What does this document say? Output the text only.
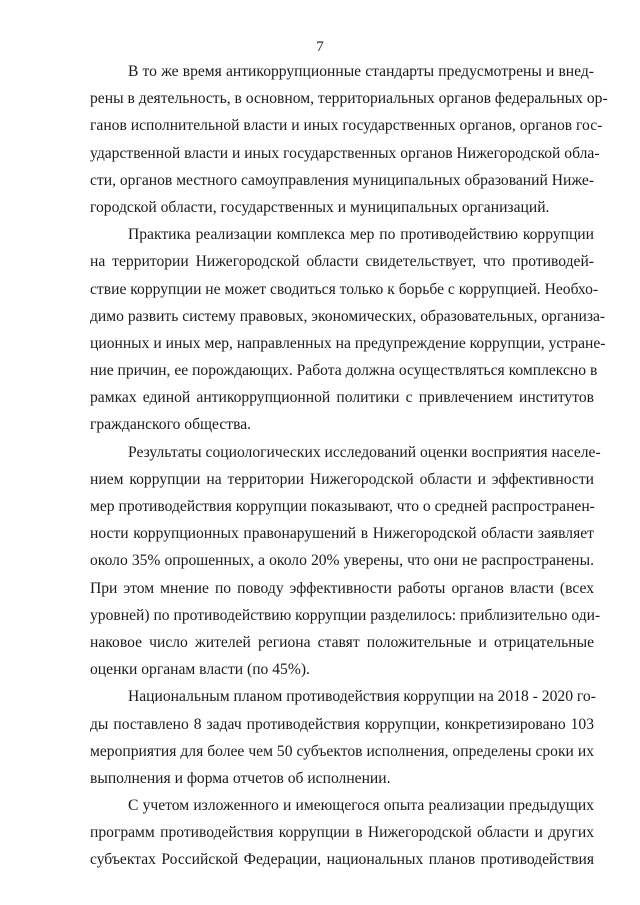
7

В то же время антикоррупционные стандарты предусмотрены и внед-
рены в деятельность, в основном, территориальных органов федеральных ор-
ганов исполнительной власти и иных государственных органов, органов гос-
ударственной власти и иных государственных органов Нижегородской обла-
сти, органов местного самоуправления муниципальных образований Ниже-
городской области, государственных и муниципальных организаций.

Практика реализации комплекса мер по противодействию коррупции
на территории Нижегородской области свидетельствует, что противодей-
ствие коррупции не может сводиться только к борьбе с коррупцией. Необхо-
димо развить систему правовых, экономических, образовательных, организа-
ционных и иных мер, направленных на предупреждение коррупции, устране-
ние причин, ее порождающих. Работа должна осуществляться комплексно в
рамках единой антикоррупционной политики с привлечением институтов
гражданского общества.

Результаты социологических исследований оценки восприятия населе-
нием коррупции на территории Нижегородской области и эффективности
мер противодействия коррупции показывают, что о средней распространен-
ности коррупционных правонарушений в Нижегородской области заявляет
около 35% опрошенных, а около 20% уверены, что они не распространены.
При этом мнение по поводу эффективности работы органов власти (всех
уровней) по противодействию коррупции разделилось: приблизительно оди-
наковое число жителей региона ставят положительные и отрицательные
оценки органам власти (по 45%).

Национальным планом противодействия коррупции на 2018 - 2020 го-
ды поставлено 8 задач противодействия коррупции, конкретизировано 103
мероприятия для более чем 50 субъектов исполнения, определены сроки их
выполнения и форма отчетов об исполнении.

С учетом изложенного и имеющегося опыта реализации предыдущих
программ противодействия коррупции в Нижегородской области и других
субъектах Российской Федерации, национальных планов противодействия
